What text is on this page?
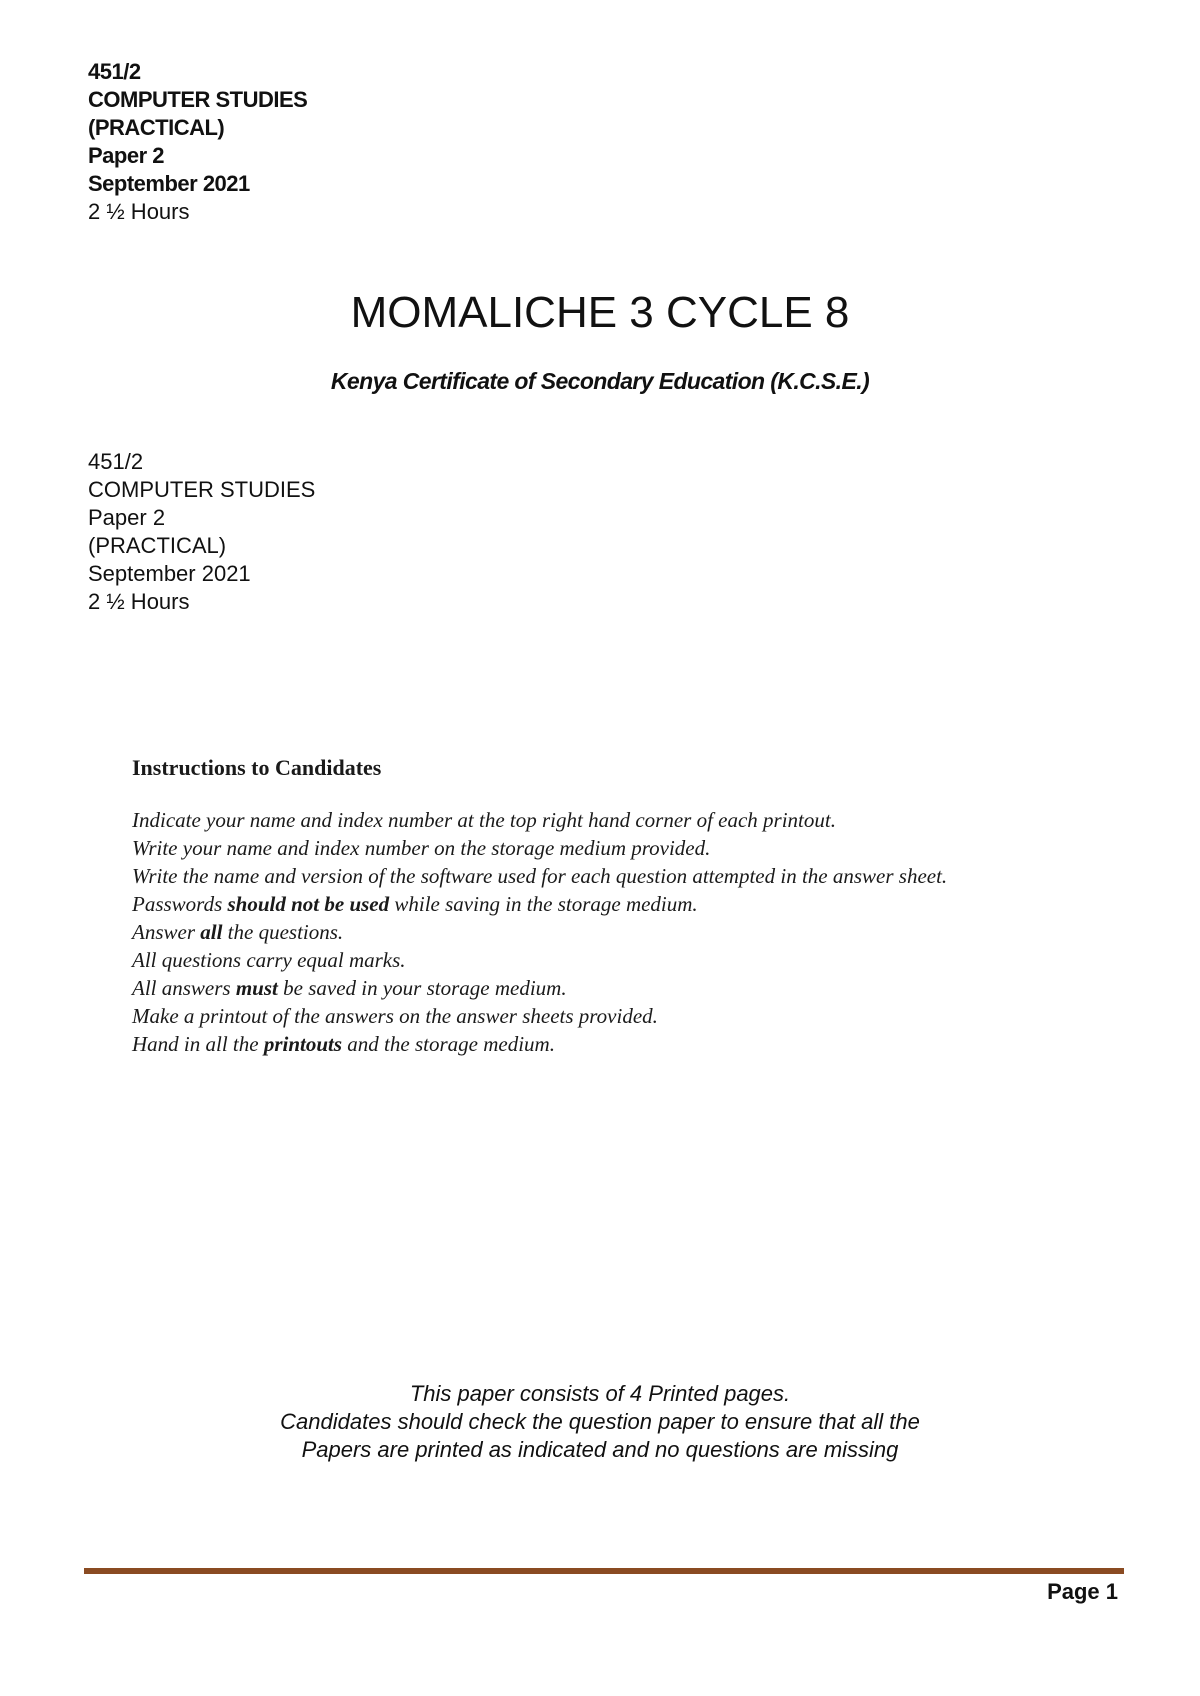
451/2
COMPUTER STUDIES
(PRACTICAL)
Paper 2
September 2021
2 ½ Hours
MOMALICHE 3 CYCLE 8
Kenya Certificate of Secondary Education (K.C.S.E.)
451/2
COMPUTER STUDIES
Paper 2
(PRACTICAL)
September 2021
2 ½ Hours
Instructions to Candidates
Indicate your name and index number at the top right hand corner of each printout.
Write your name and index number on the storage medium provided.
Write the name and version of the software used for each question attempted in the answer sheet.
Passwords should not be used while saving in the storage medium.
Answer all the questions.
All questions carry equal marks.
All answers must be saved in your storage medium.
Make a printout of the answers on the answer sheets provided.
Hand in all the printouts and the storage medium.
This paper consists of 4 Printed pages.
Candidates should check the question paper to ensure that all the
Papers are printed as indicated and no questions are missing
Page 1
